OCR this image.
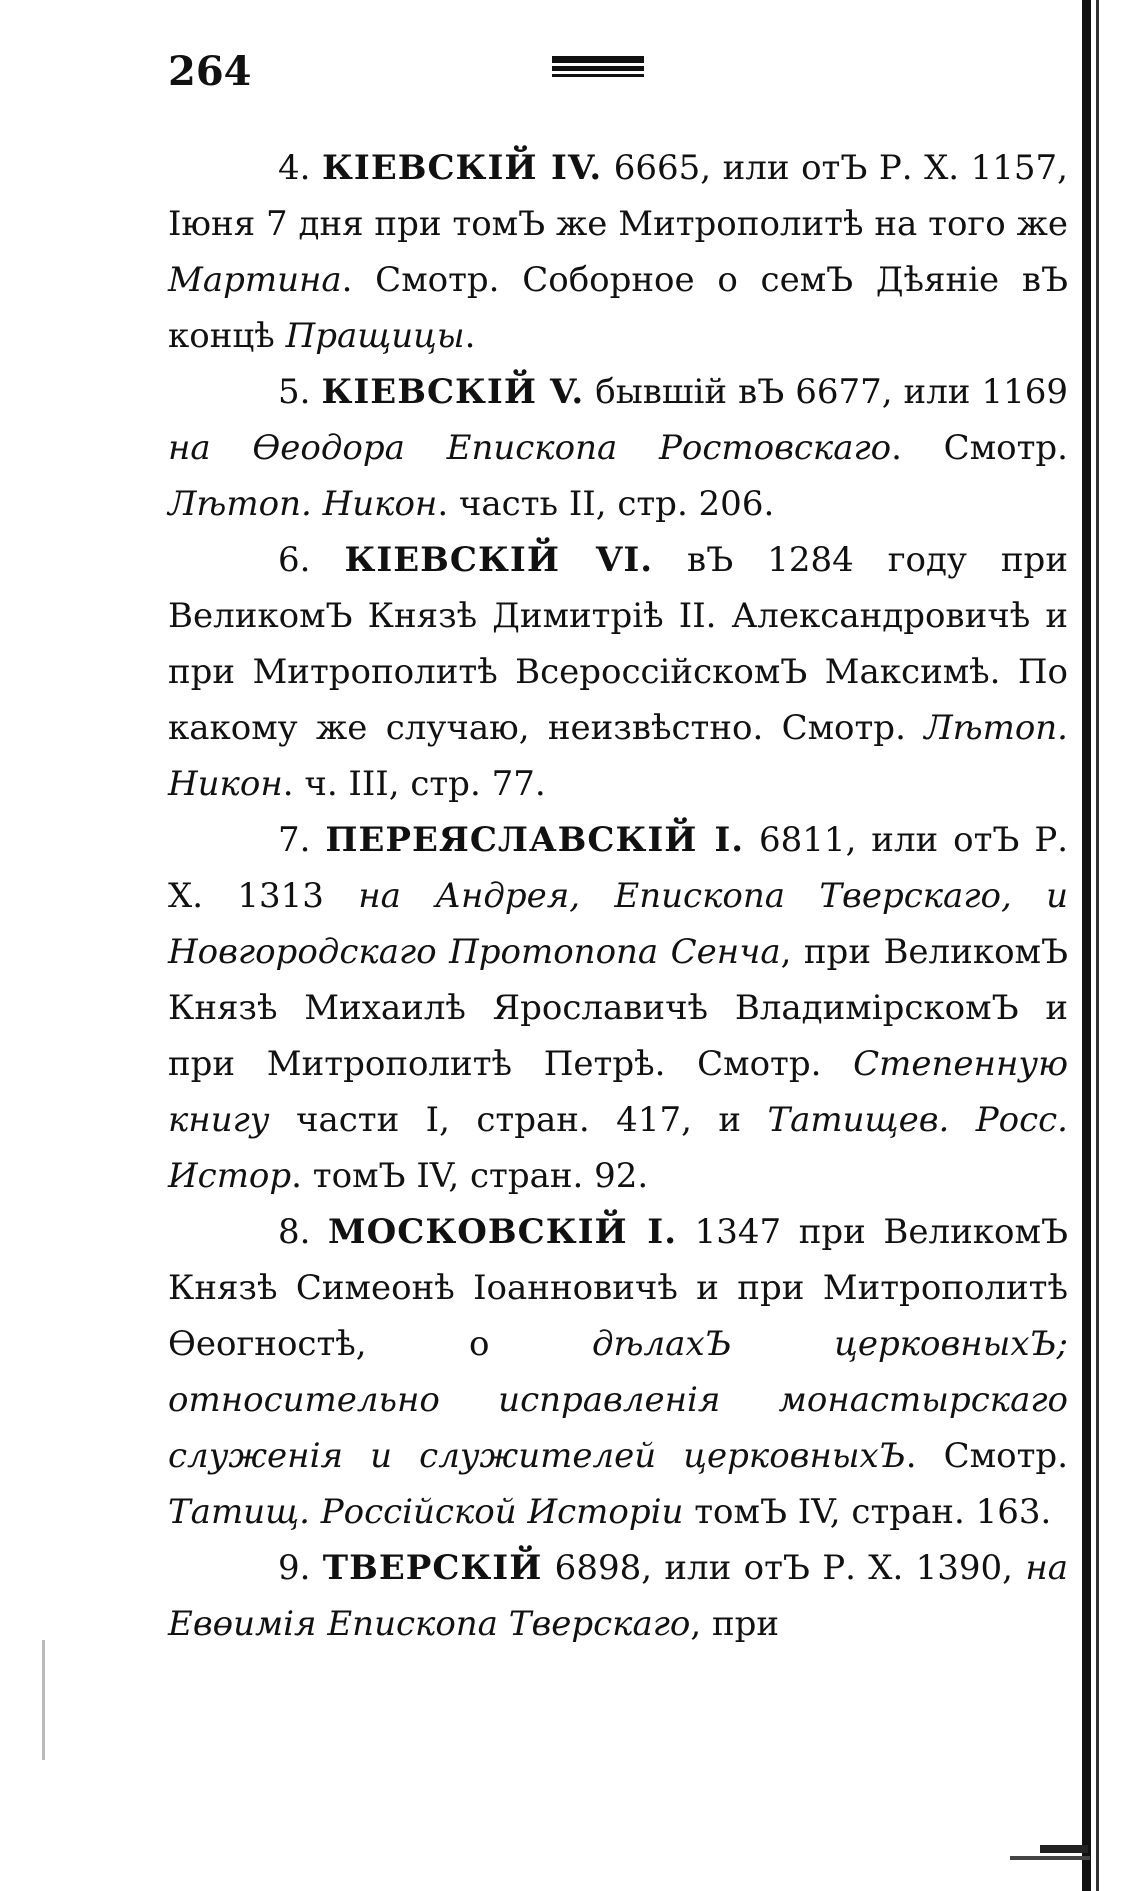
264

4. КІЕВСКІЙ IV. 6665, или отЪ Р. Х. 1157, Іюня 7 дня при томЪ же Митрополитѣ на того же Мартина. Смотр. Соборное о семЪ Дѣяніе вЪ концѣ Пращицы.

5. КІЕВСКІЙ V. бывшій вЪ 6677, или 1169 на Өеодора Епископа Ростовскаго. Смотр. Лѣтоп. Никон. часть II, стр. 206.

6. КІЕВСКІЙ VI. вЪ 1284 году при ВеликомЪ Князѣ Димитріѣ II. Александровичѣ и при Митрополитѣ ВсероссійскомЪ Максимѣ. По какому же случаю, неизвѣстно. Смотр. Лѣтоп. Никон. ч. III, стр. 77.

7. ПЕРЕЯСЛАВСКІЙ I. 6811, или отЪ Р. Х. 1313 на Андрея, Епископа Тверскаго, и Новгородскаго Протопопа Сенча, при ВеликомЪ Князѣ Михаилѣ Ярославичѣ ВладимірскомЪ и при Митрополитѣ Петрѣ. Смотр. Степенную книгу части I, стран. 417, и Татищев. Росс. Истор. томЪ IV, стран. 92.

8. МОСКОВСКІЙ I. 1347 при ВеликомЪ Князѣ Симеонѣ Іоанновичѣ и при Митрополитѣ Өеогностѣ, о дѣлахЪ церковныхЪ; относительно исправленія монастырскаго служенія и служителей церковныхЪ. Смотр. Татищ. Россійской Исторіи томЪ IV, стран. 163.

9. ТВЕРСКІЙ 6898, или отЪ Р. Х. 1390, на Евөимія Епископа Тверскаго, при
